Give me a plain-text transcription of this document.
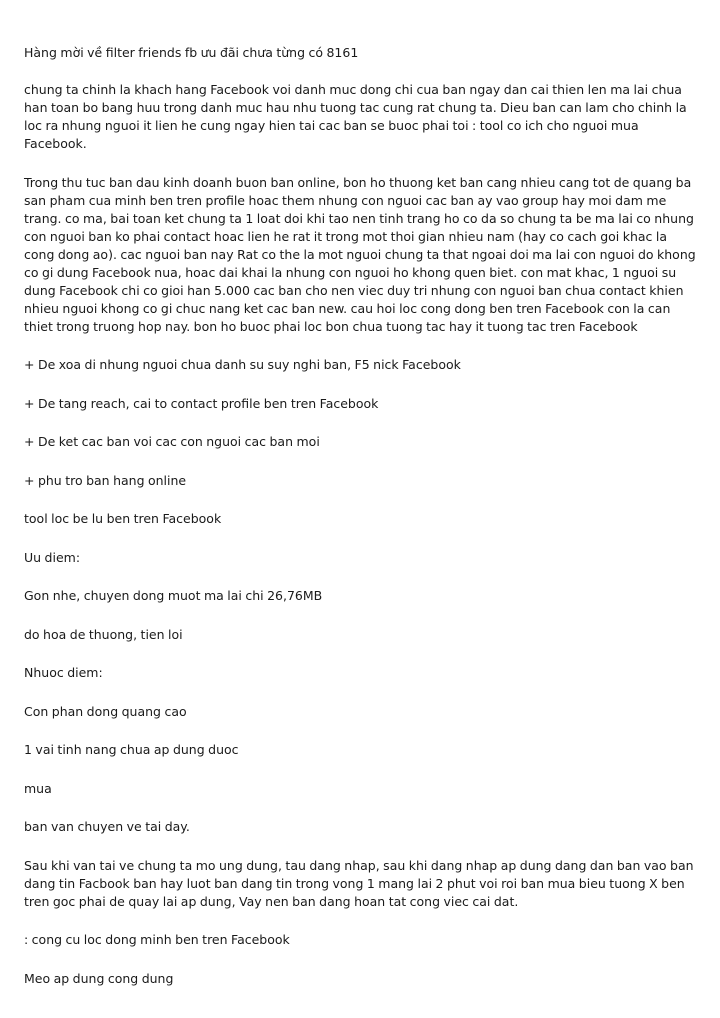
Hàng mời về filter friends fb ưu đãi chưa từng có 8161

chung ta chinh la khach hang Facebook voi danh muc dong chi cua ban ngay dan cai thien len ma lai chua han toan bo bang huu trong danh muc hau nhu tuong tac cung rat chung ta. Dieu ban can lam cho chinh la loc ra nhung nguoi it lien he cung ngay hien tai cac ban se buoc phai toi : tool co ich cho nguoi mua Facebook.

Trong thu tuc ban dau kinh doanh buon ban online, bon ho thuong ket ban cang nhieu cang tot de quang ba san pham cua minh ben tren profile hoac them nhung con nguoi cac ban ay vao group hay moi dam me trang. co ma, bai toan ket chung ta 1 loat doi khi tao nen tinh trang ho co da so chung ta be ma lai co nhung con nguoi ban ko phai contact hoac lien he rat it trong mot thoi gian nhieu nam (hay co cach goi khac la cong dong ao). cac nguoi ban nay Rat co the la mot nguoi chung ta that ngoai doi ma lai con nguoi do khong co gi dung Facebook nua, hoac dai khai la nhung con nguoi ho khong quen biet. con mat khac, 1 nguoi su dung Facebook chi co gioi han 5.000 cac ban cho nen viec duy tri nhung con nguoi ban chua contact khien nhieu nguoi khong co gi chuc nang ket cac ban new. cau hoi loc cong dong ben tren Facebook con la can thiet trong truong hop nay. bon ho buoc phai loc bon chua tuong tac hay it tuong tac tren Facebook

+ De xoa di nhung nguoi chua danh su suy nghi ban, F5 nick Facebook

+ De tang reach, cai to contact profile ben tren Facebook

+ De ket cac ban voi cac con nguoi cac ban moi

+ phu tro ban hang online

tool loc be lu ben tren Facebook

Uu diem:

Gon nhe, chuyen dong muot ma lai chi 26,76MB

do hoa de thuong, tien loi

Nhuoc diem:

Con phan dong quang cao

1 vai tinh nang chua ap dung duoc

mua

ban van chuyen ve tai day.

Sau khi van tai ve chung ta mo ung dung, tau dang nhap, sau khi dang nhap ap dung dang dan ban vao ban dang tin Facbook ban hay luot ban dang tin trong vong 1 mang lai 2 phut voi roi ban mua bieu tuong X ben tren goc phai de quay lai ap dung, Vay nen ban dang hoan tat cong viec cai dat.

: cong cu loc dong minh ben tren Facebook

Meo ap dung cong dung
